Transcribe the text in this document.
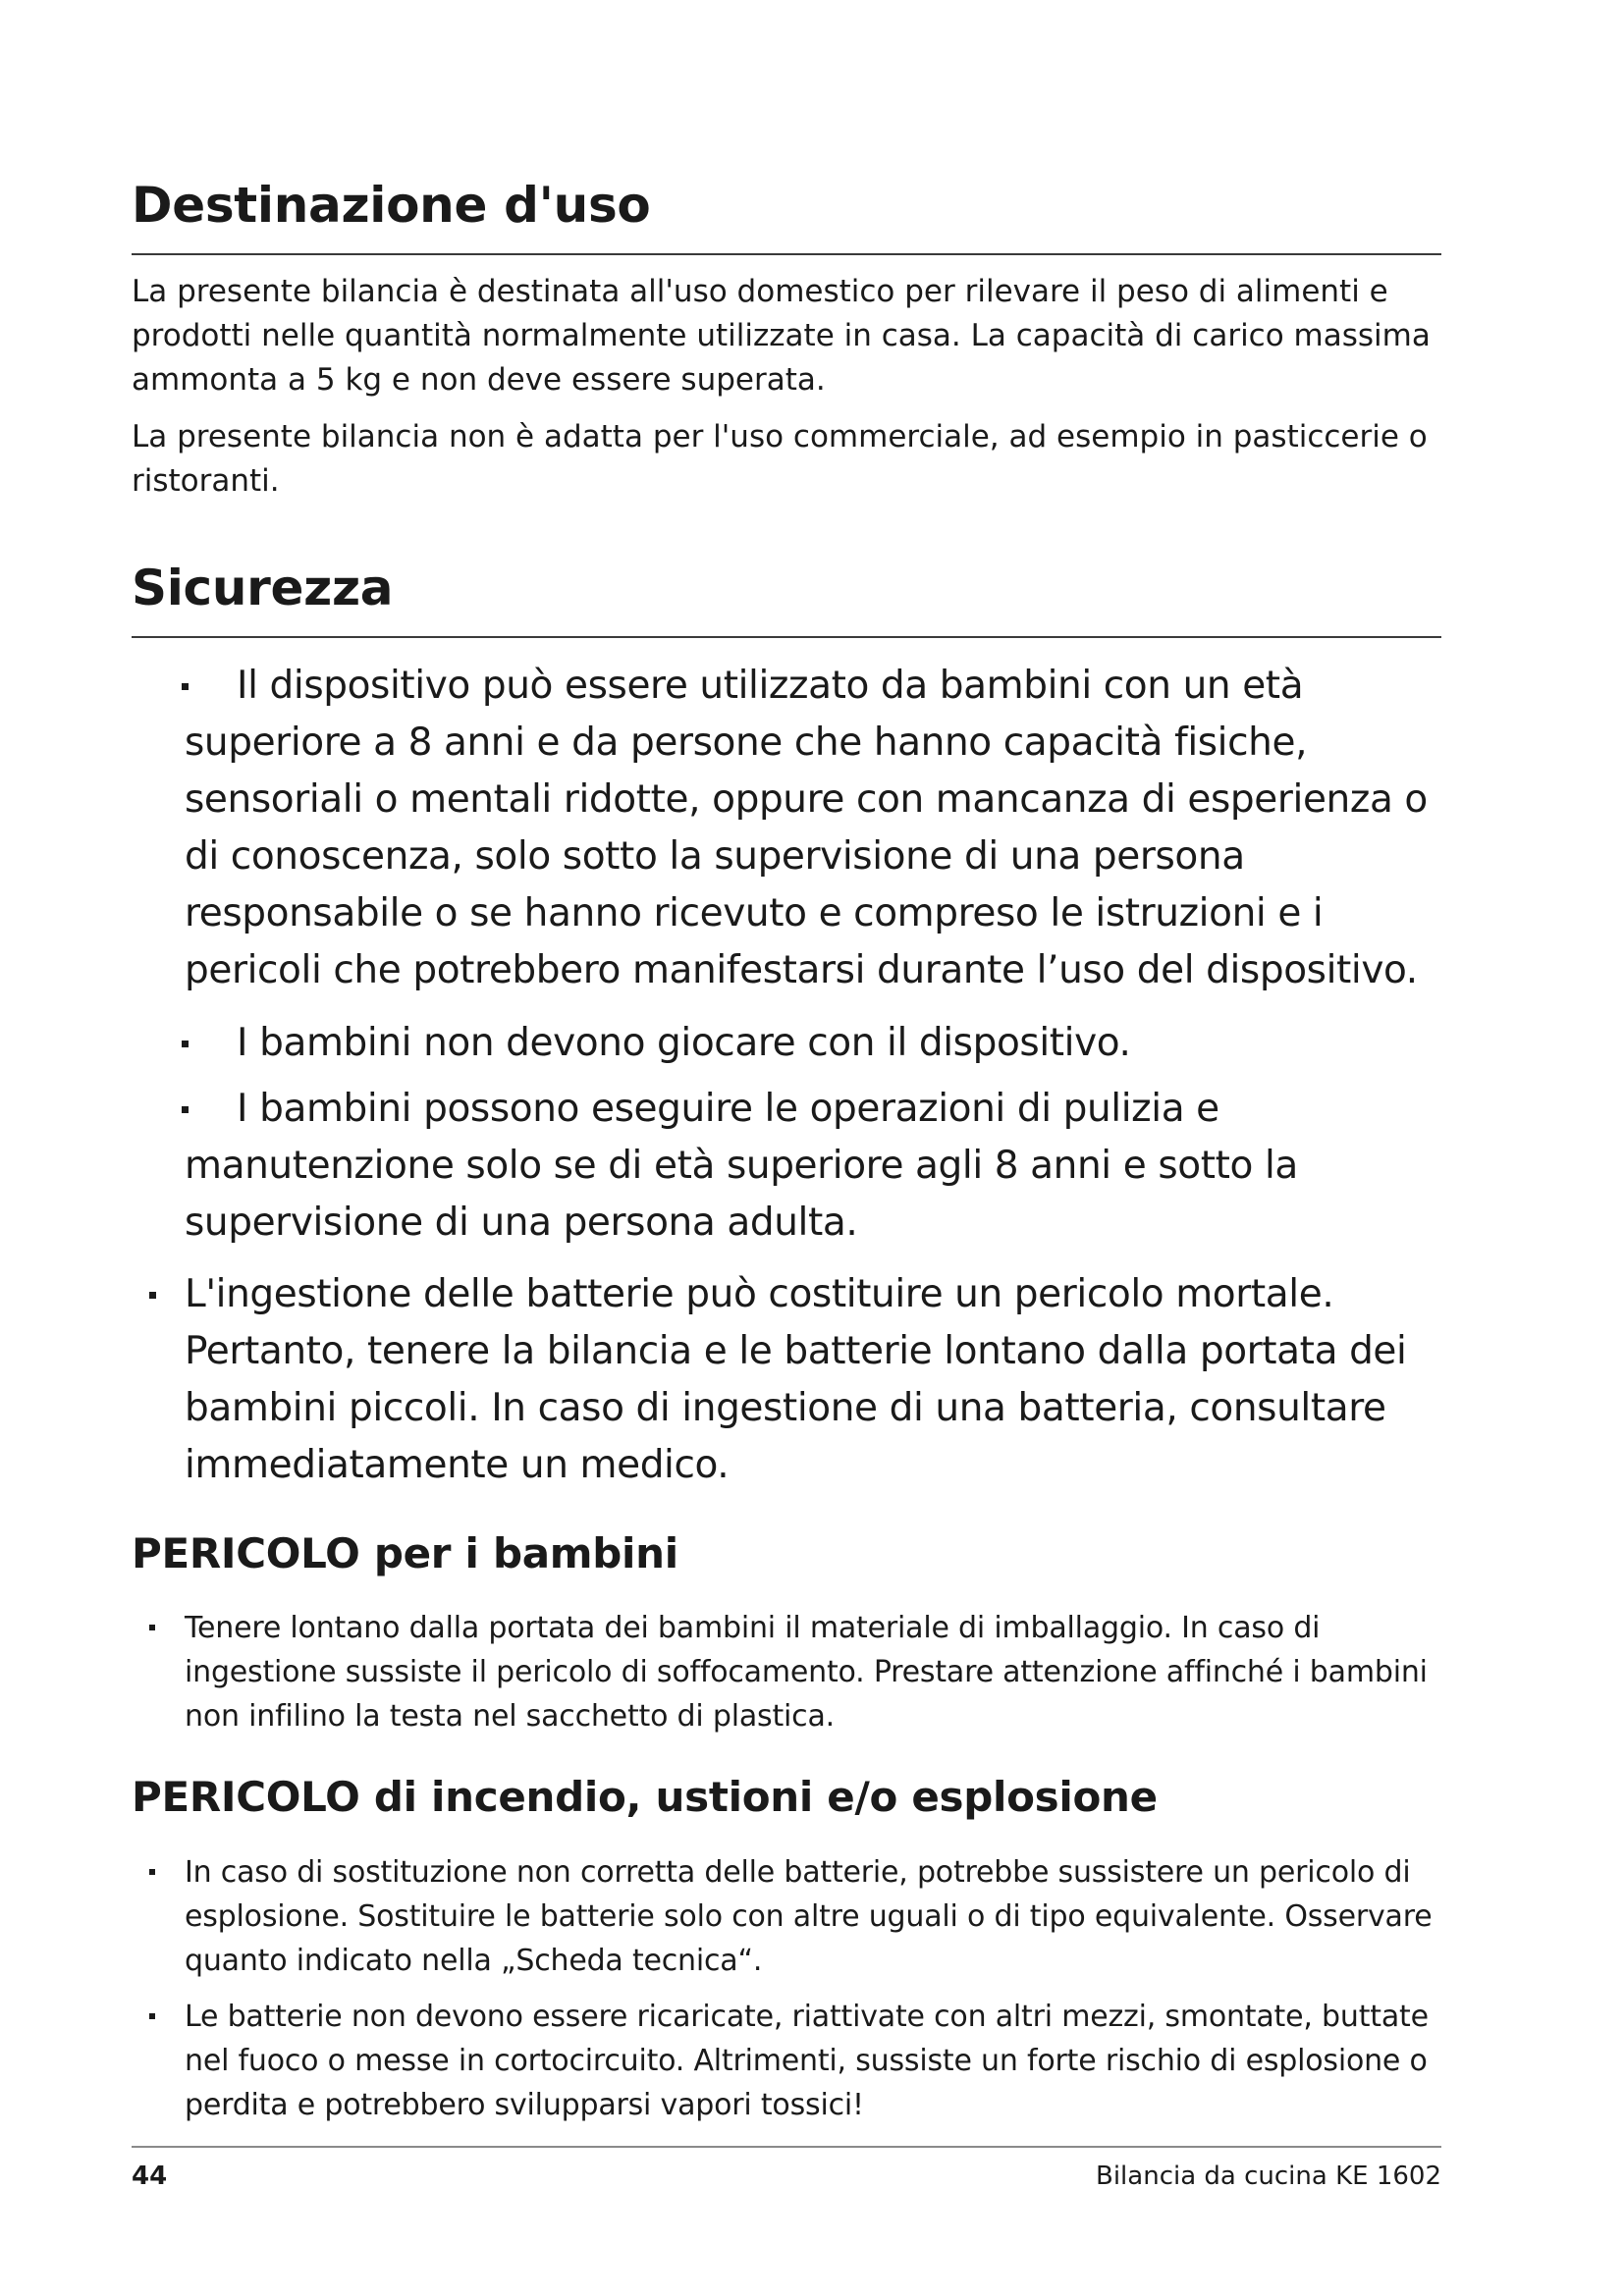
Destinazione d'uso

La presente bilancia è destinata all'uso domestico per rilevare il peso di alimenti e prodotti nelle quantità normalmente utilizzate in casa. La capacità di carico massima ammonta a 5 kg e non deve essere superata.

La presente bilancia non è adatta per l'uso commerciale, ad esempio in pasticcerie o ristoranti.

Sicurezza
Il dispositivo può essere utilizzato da bambini con un età superiore a 8 anni e da persone che hanno capacità fisiche, sensoriali o mentali ridotte, oppure con mancanza di esperienza o di conoscenza, solo sotto la supervisione di una persona responsabile o se hanno ricevuto e compreso le istruzioni e i pericoli che potrebbero manifestarsi durante l’uso del dispositivo.
I bambini non devono giocare con il dispositivo.
I bambini possono eseguire le operazioni di pulizia e manutenzione solo se di età superiore agli 8 anni e sotto la supervisione di una persona adulta.
L'ingestione delle batterie può costituire un pericolo mortale. Pertanto, tenere la bilancia e le batterie lontano dalla portata dei bambini piccoli. In caso di ingestione di una batteria, consultare immediatamente un medico.
PERICOLO per i bambini
Tenere lontano dalla portata dei bambini il materiale di imballaggio. In caso di ingestione sussiste il pericolo di soffocamento. Prestare attenzione affinché i bambini non infilino la testa nel sacchetto di plastica.
PERICOLO di incendio, ustioni e/o esplosione
In caso di sostituzione non corretta delle batterie, potrebbe sussistere un pericolo di esplosione. Sostituire le batterie solo con altre uguali o di tipo equivalente. Osservare quanto indicato nella „Scheda tecnica“.
Le batterie non devono essere ricaricate, riattivate con altri mezzi, smontate, buttate nel fuoco o messe in cortocircuito. Altrimenti, sussiste un forte rischio di esplosione o perdita e potrebbero svilupparsi vapori tossici!
44	Bilancia da cucina KE 1602
